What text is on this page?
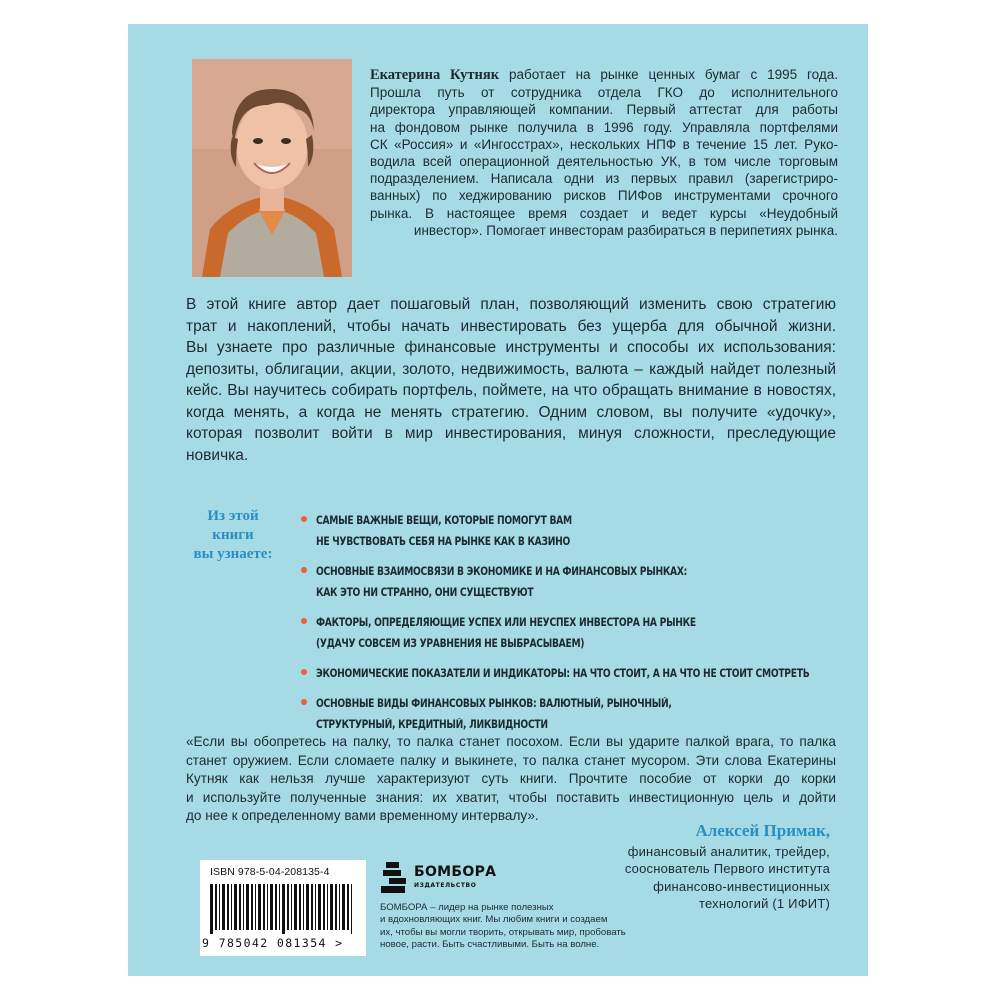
Екатерина Кутняк работает на рынке ценных бумаг с 1995 года.
Прошла путь от сотрудника отдела ГКО до исполнительного
директора управляющей компании. Первый аттестат для работы
на фондовом рынке получила в 1996 году. Управляла портфелями
СК «Россия» и «Ингосстрах», нескольких НПФ в течение 15 лет. Руко-
водила всей операционной деятельностью УК, в том числе торговым
подразделением. Написала одни из первых правил (зарегистриро-
ванных) по хеджированию рисков ПИФов инструментами срочного
рынка. В настоящее время создает и ведет курсы «Неудобный
инвестор». Помогает инвесторам разбираться в перипетиях рынка.
В этой книге автор дает пошаговый план, позволяющий изменить свою стратегию
трат и накоплений, чтобы начать инвестировать без ущерба для обычной жизни.
Вы узнаете про различные финансовые инструменты и способы их использования:
депозиты, облигации, акции, золото, недвижимость, валюта – каждый найдет полезный
кейс. Вы научитесь собирать портфель, поймете, на что обращать внимание в новостях,
когда менять, а когда не менять стратегию. Одним словом, вы получите «удочку»,
которая позволит войти в мир инвестирования, минуя сложности, преследующие
новичка.
Из этой
книги
вы узнаете:
САМЫЕ ВАЖНЫЕ ВЕЩИ, КОТОРЫЕ ПОМОГУТ ВАМ
НЕ ЧУВСТВОВАТЬ СЕБЯ НА РЫНКЕ КАК В КАЗИНО
ОСНОВНЫЕ ВЗАИМОСВЯЗИ В ЭКОНОМИКЕ И НА ФИНАНСОВЫХ РЫНКАХ:
КАК ЭТО НИ СТРАННО, ОНИ СУЩЕСТВУЮТ
ФАКТОРЫ, ОПРЕДЕЛЯЮЩИЕ УСПЕХ ИЛИ НЕУСПЕХ ИНВЕСТОРА НА РЫНКЕ
(УДАЧУ СОВСЕМ ИЗ УРАВНЕНИЯ НЕ ВЫБРАСЫВАЕМ)
ЭКОНОМИЧЕСКИЕ ПОКАЗАТЕЛИ И ИНДИКАТОРЫ: НА ЧТО СТОИТ, А НА ЧТО НЕ СТОИТ СМОТРЕТЬ
ОСНОВНЫЕ ВИДЫ ФИНАНСОВЫХ РЫНКОВ: ВАЛЮТНЫЙ, РЫНОЧНЫЙ,
СТРУКТУРНЫЙ, КРЕДИТНЫЙ, ЛИКВИДНОСТИ
«Если вы обопретесь на палку, то палка станет посохом. Если вы ударите палкой врага, то палка
станет оружием. Если сломаете палку и выкинете, то палка станет мусором. Эти слова Екатерины
Кутняк как нельзя лучше характеризуют суть книги. Прочтите пособие от корки до корки
и используйте полученные знания: их хватит, чтобы поставить инвестиционную цель и дойти
до нее к определенному вами временному интервалу».
Алексей Примак,
финансовый аналитик, трейдер,
сооснователь Первого института
финансово-инвестиционных
технологий (1 ИФИТ)
ISBN 978-5-04-208135-4
9 785042 081354 >
БОМБОРА
ИЗДАТЕЛЬСТВО
БОМБОРА – лидер на рынке полезных
и вдохновляющих книг. Мы любим книги и создаем
их, чтобы вы могли творить, открывать мир, пробовать
новое, расти. Быть счастливыми. Быть на волне.
